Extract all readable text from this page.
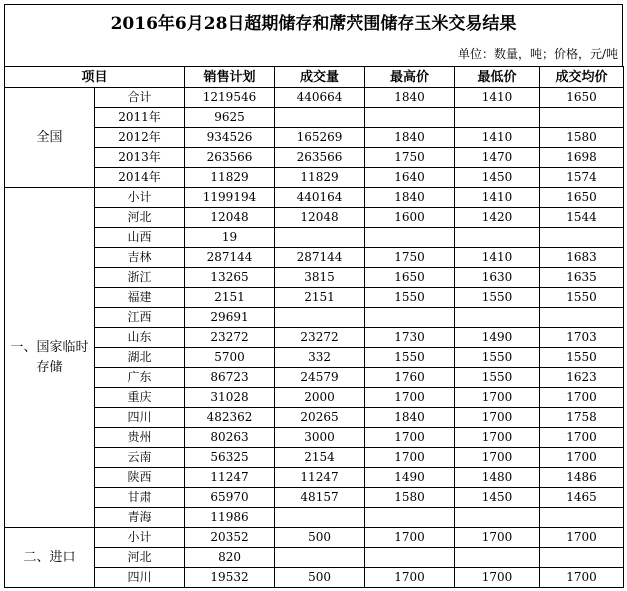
2016年6月28日超期储存和蓆茓围储存玉米交易结果
单位：数量，吨；价格，元/吨
项目		销售计划	成交量	最高价	最低价	成交均价
全国	合计	1219546	440664	1840	1410	1650
	2011年	9625				
	2012年	934526	165269	1840	1410	1580
	2013年	263566	263566	1750	1470	1698
	2014年	11829	11829	1640	1450	1574
一、国家临时存储	小计	1199194	440164	1840	1410	1650
	河北	12048	12048	1600	1420	1544
	山西	19				
	吉林	287144	287144	1750	1410	1683
	浙江	13265	3815	1650	1630	1635
	福建	2151	2151	1550	1550	1550
	江西	29691				
	山东	23272	23272	1730	1490	1703
	湖北	5700	332	1550	1550	1550
	广东	86723	24579	1760	1550	1623
	重庆	31028	2000	1700	1700	1700
	四川	482362	20265	1840	1700	1758
	贵州	80263	3000	1700	1700	1700
	云南	56325	2154	1700	1700	1700
	陕西	11247	11247	1490	1480	1486
	甘肃	65970	48157	1580	1450	1465
	青海	11986				
二、进口	小计	20352	500	1700	1700	1700
	河北	820				
	四川	19532	500	1700	1700	1700
